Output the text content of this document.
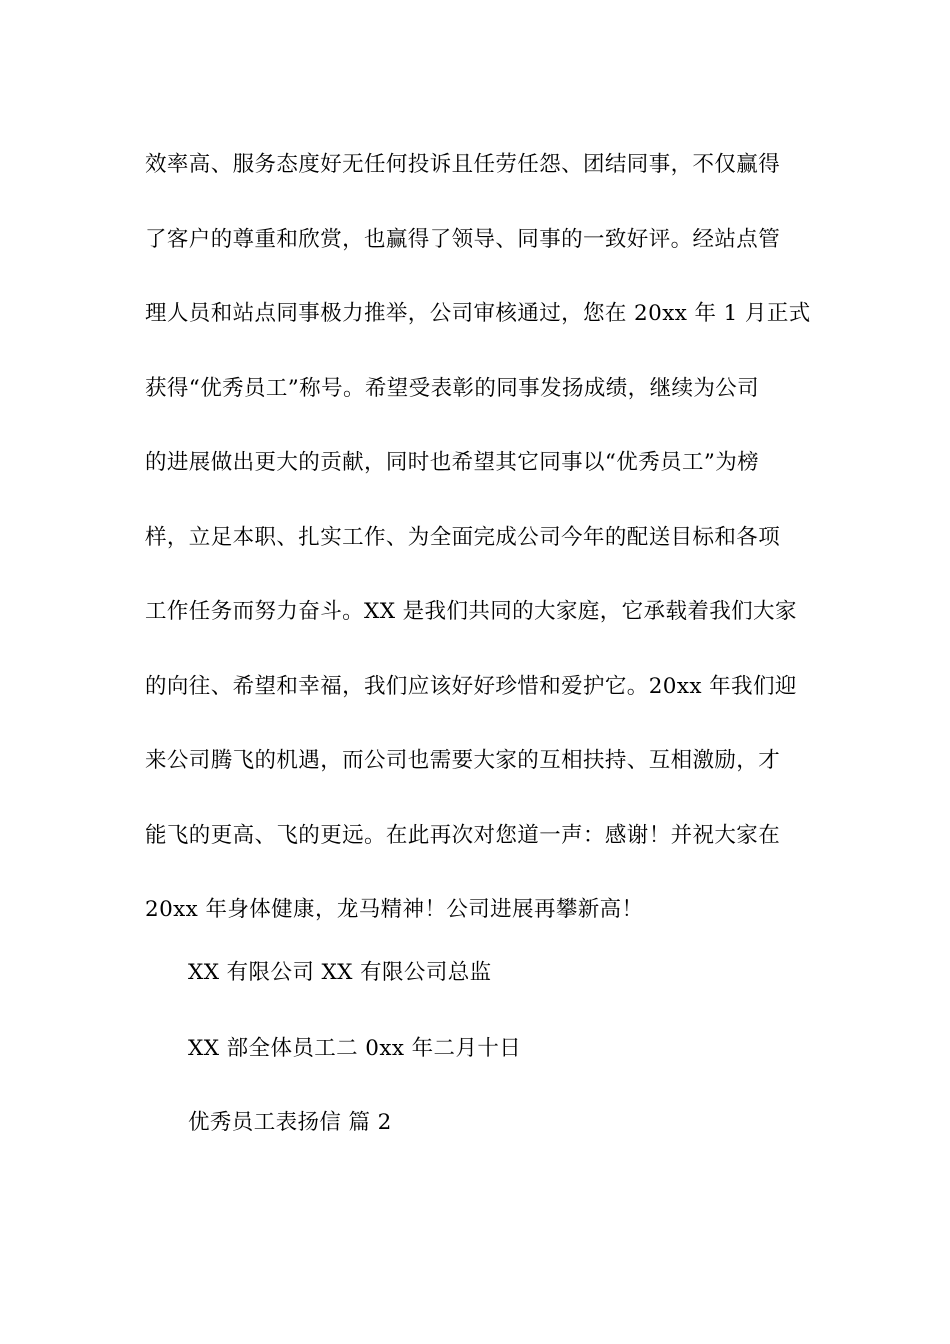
效率高、服务态度好无任何投诉且任劳任怨、团结同事，不仅赢得
了客户的尊重和欣赏，也赢得了领导、同事的一致好评。经站点管
理人员和站点同事极力推举，公司审核通过，您在 20xx 年 1 月正式
获得“优秀员工”称号。希望受表彰的同事发扬成绩，继续为公司
的进展做出更大的贡献，同时也希望其它同事以“优秀员工”为榜
样，立足本职、扎实工作、为全面完成公司今年的配送目标和各项
工作任务而努力奋斗。XX 是我们共同的大家庭，它承载着我们大家
的向往、希望和幸福，我们应该好好珍惜和爱护它。20xx 年我们迎
来公司腾飞的机遇，而公司也需要大家的互相扶持、互相激励，才
能飞的更高、飞的更远。在此再次对您道一声：感谢！并祝大家在
20xx 年身体健康，龙马精神！公司进展再攀新高！

XX 有限公司 XX 有限公司总监

XX 部全体员工二 0xx 年二月十日

优秀员工表扬信 篇 2
